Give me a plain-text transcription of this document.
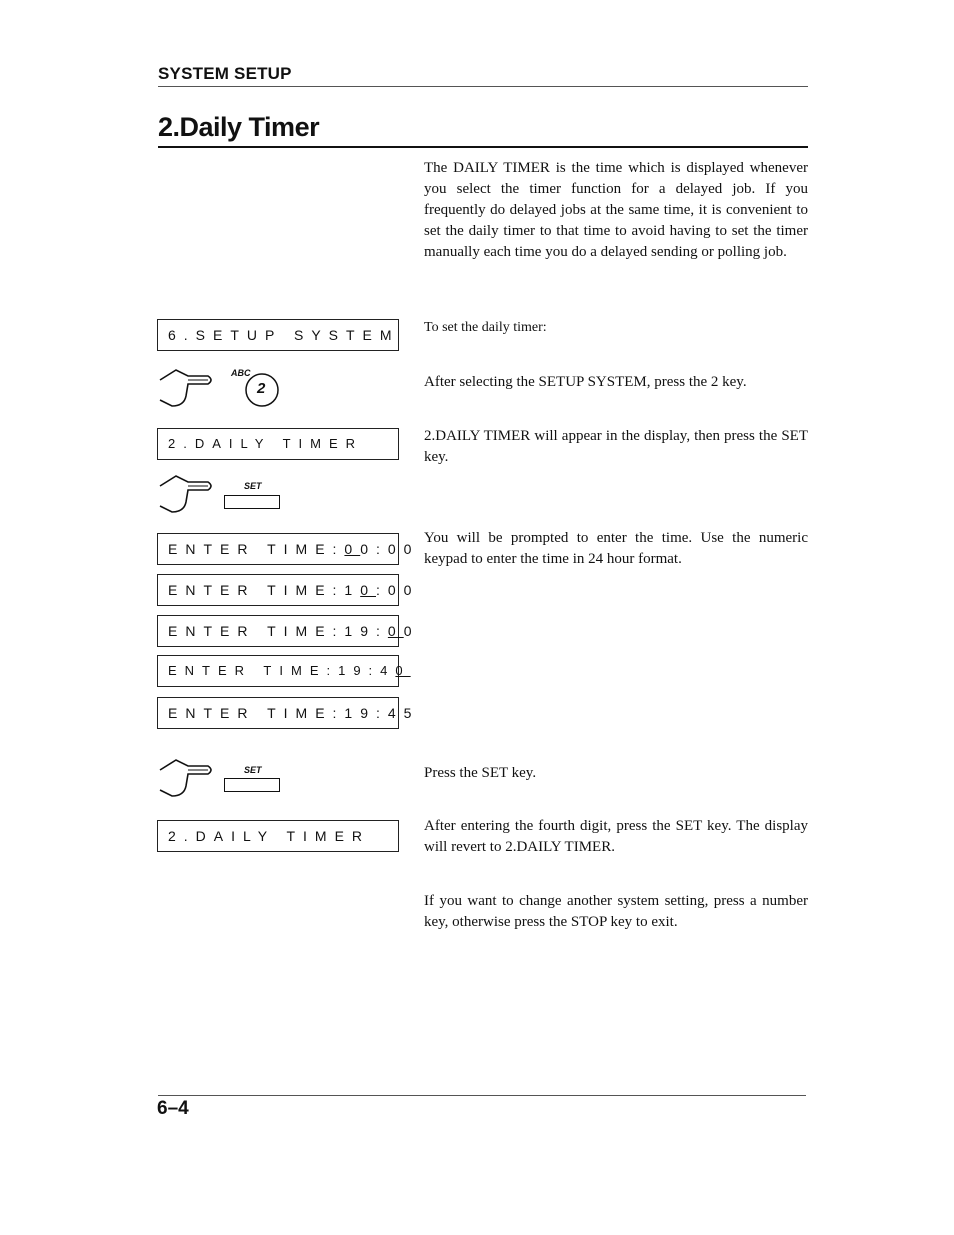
SYSTEM SETUP
2.Daily Timer
The DAILY TIMER is the time which is displayed whenever you select the timer function for a delayed job. If you frequently do delayed jobs at the same time, it is convenient to set the daily timer to that time to avoid having to set the timer manually each time you do a delayed sending or polling job.
To set the daily timer:
6.SETUP SYSTEM
ABC
2	After selecting the SETUP SYSTEM, press the 2 key.
2.DAILY TIMER	2.DAILY TIMER will appear in the display, then press the SET key.
SET
ENTER TIME:00:00
ENTER TIME:10:00
ENTER TIME:19:00
ENTER TIME:19:40
ENTER TIME:19:45
You will be prompted to enter the time. Use the numeric keypad to enter the time in 24 hour format.
SET	Press the SET key.
2.DAILY TIMER
After entering the fourth digit, press the SET key. The display will revert to 2.DAILY TIMER.
If you want to change another system setting, press a number key, otherwise press the STOP key to exit.
6–4
